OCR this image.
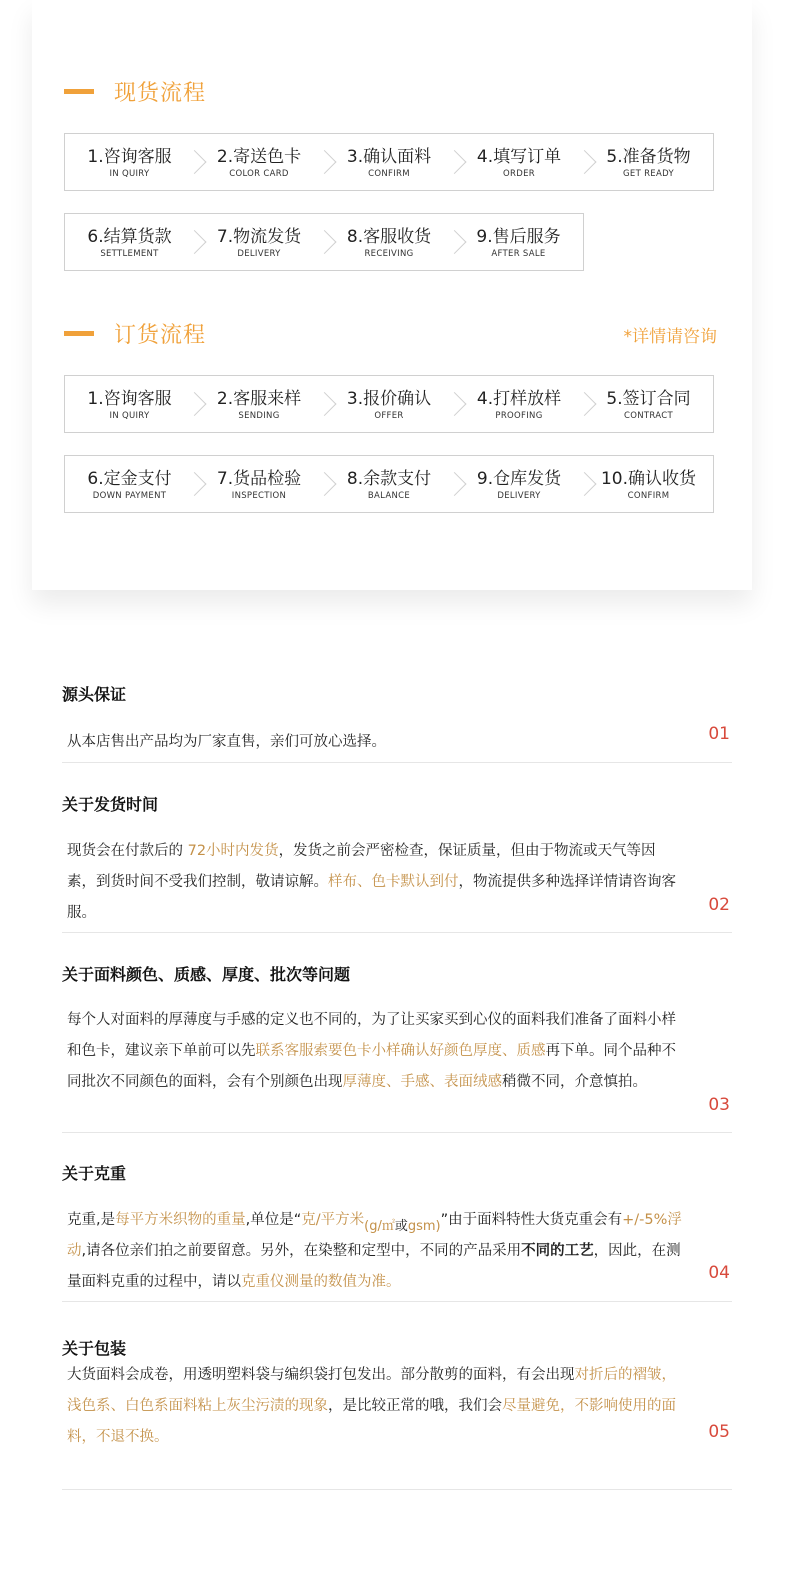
现货流程
1.咨询客服
IN QUIRY
2.寄送色卡
COLOR CARD
3.确认面料
CONFIRM
4.填写订单
ORDER
5.准备货物
GET READY
6.结算货款
SETTLEMENT
7.物流发货
DELIVERY
8.客服收货
RECEIVING
9.售后服务
AFTER SALE
订货流程	*详情请咨询
1.咨询客服
IN QUIRY
2.客服来样
SENDING
3.报价确认
OFFER
4.打样放样
PROOFING
5.签订合同
CONTRACT
6.定金支付
DOWN PAYMENT
7.货品检验
INSPECTION
8.余款支付
BALANCE
9.仓库发货
DELIVERY
10.确认收货
CONFIRM
源头保证

从本店售出产品均为厂家直售，亲们可放心选择。	01
关于发货时间

现货会在付款后的 72小时内发货，发货之前会严密检查，保证质量，但由于物流或天气等因素，到货时间不受我们控制，敬请谅解。样布、色卡默认到付，物流提供多种选择详情请咨询客服。	02
关于面料颜色、质感、厚度、批次等问题

每个人对面料的厚薄度与手感的定义也不同的，为了让买家买到心仪的面料我们准备了面料小样和色卡，建议亲下单前可以先联系客服索要色卡小样确认好颜色厚度、质感再下单。同个品种不同批次不同颜色的面料，会有个别颜色出现厚薄度、手感、表面绒感稍微不同，介意慎拍。

03
关于克重

克重,是每平方米织物的重量,单位是“克/平方米(g/㎡或gsm)”由于面料特性大货克重会有+/-5%浮动,请各位亲们拍之前要留意。另外，在染整和定型中，不同的产品采用不同的工艺，因此，在测量面料克重的过程中，请以克重仪测量的数值为准。	04
关于包装

大货面料会成卷，用透明塑料袋与编织袋打包发出。部分散剪的面料，有会出现对折后的褶皱，浅色系、白色系面料粘上灰尘污渍的现象，是比较正常的哦，我们会尽量避免，不影响使用的面料，不退不换。	05
